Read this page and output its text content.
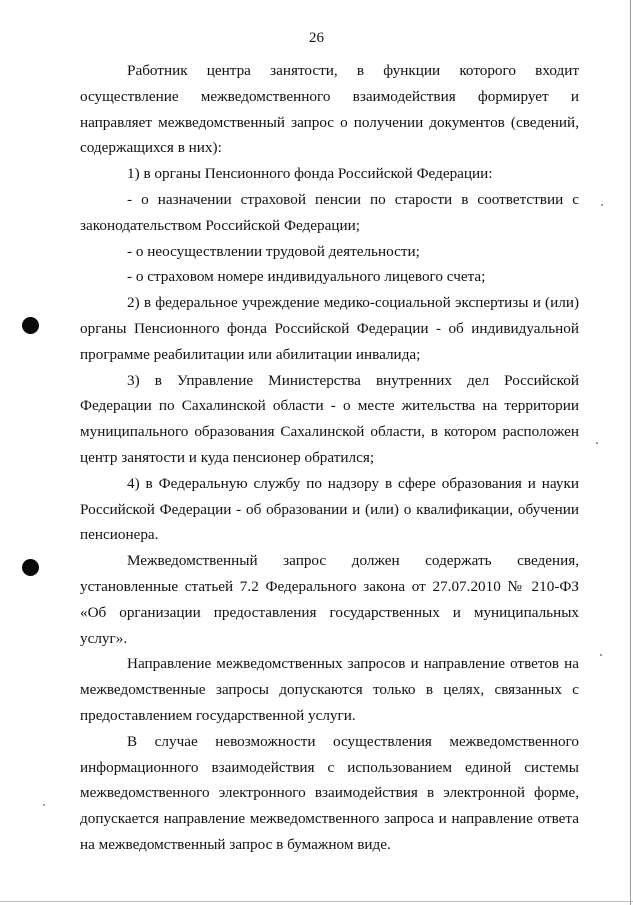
26

Работник центра занятости, в функции которого входит осуществление межведомственного взаимодействия формирует и направляет межведомственный запрос о получении документов (сведений, содержащихся в них):

1) в органы Пенсионного фонда Российской Федерации:

- о назначении страховой пенсии по старости в соответствии с законодательством Российской Федерации;

- о неосуществлении трудовой деятельности;

- о страховом номере индивидуального лицевого счета;

2) в федеральное учреждение медико-социальной экспертизы и (или) органы Пенсионного фонда Российской Федерации - об индивидуальной программе реабилитации или абилитации инвалида;

3) в Управление Министерства внутренних дел Российской Федерации по Сахалинской области - о месте жительства на территории муниципального образования Сахалинской области, в котором расположен центр занятости и куда пенсионер обратился;

4) в Федеральную службу по надзору в сфере образования и науки Российской Федерации - об образовании и (или) о квалификации, обучении пенсионера.

Межведомственный запрос должен содержать сведения, установленные статьей 7.2 Федерального закона от 27.07.2010 № 210-ФЗ «Об организации предоставления государственных и муниципальных услуг».

Направление межведомственных запросов и направление ответов на межведомственные запросы допускаются только в целях, связанных с предоставлением государственной услуги.

В случае невозможности осуществления межведомственного информационного взаимодействия с использованием единой системы межведомственного электронного взаимодействия в электронной форме, допускается направление межведомственного запроса и направление ответа на межведомственный запрос в бумажном виде.
